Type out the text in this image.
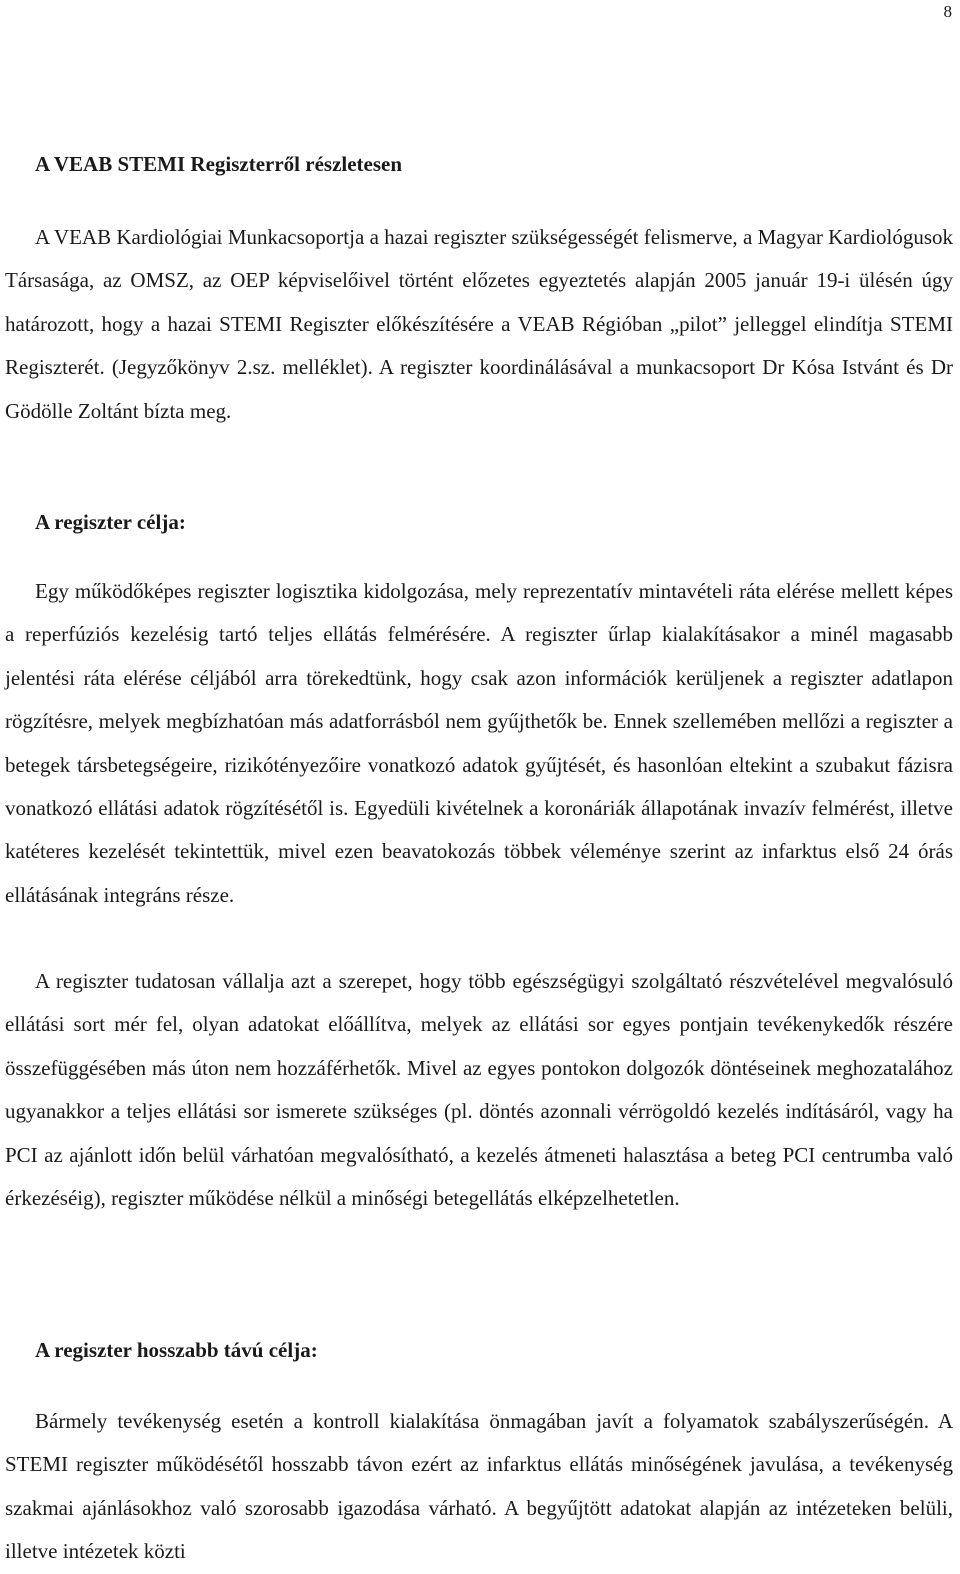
8
A VEAB STEMI Regiszterről részletesen

A VEAB Kardiológiai Munkacsoportja a hazai regiszter szükségességét felismerve, a Magyar Kardiológusok Társasága, az OMSZ, az OEP képviselőivel történt előzetes egyeztetés alapján 2005 január 19-i ülésén úgy határozott, hogy a hazai STEMI Regiszter előkészítésére a VEAB Régióban „pilot” jelleggel elindítja STEMI Regiszterét. (Jegyzőkönyv 2.sz. melléklet). A regiszter koordinálásával a munkacsoport Dr Kósa Istvánt és Dr Gödölle Zoltánt bízta meg.

A regiszter célja:

Egy működőképes regiszter logisztika kidolgozása, mely reprezentatív mintavételi ráta elérése mellett képes a reperfúziós kezelésig tartó teljes ellátás felmérésére. A regiszter űrlap kialakításakor a minél magasabb jelentési ráta elérése céljából arra törekedtünk, hogy csak azon információk kerüljenek a regiszter adatlapon rögzítésre, melyek megbízhatóan más adatforrásból nem gyűjthetők be. Ennek szellemében mellőzi a regiszter a betegek társbetegségeire, rizikótényezőire vonatkozó adatok gyűjtését, és hasonlóan eltekint a szubakut fázisra vonatkozó ellátási adatok rögzítésétől is. Egyedüli kivételnek a koronáriák állapotának invazív felmérést, illetve katéteres kezelését tekintettük, mivel ezen beavatokozás többek véleménye szerint az infarktus első 24 órás ellátásának integráns része.

A regiszter tudatosan vállalja azt a szerepet, hogy több egészségügyi szolgáltató részvételével megvalósuló ellátási sort mér fel, olyan adatokat előállítva, melyek az ellátási sor egyes pontjain tevékenykedők részére összefüggésében más úton nem hozzáférhetők. Mivel az egyes pontokon dolgozók döntéseinek meghozatalához ugyanakkor a teljes ellátási sor ismerete szükséges (pl. döntés azonnali vérrögoldó kezelés indításáról, vagy ha PCI az ajánlott időn belül várhatóan megvalósítható, a kezelés átmeneti halasztása a beteg PCI centrumba való érkezéséig), regiszter működése nélkül a minőségi betegellátás elképzelhetetlen.

A regiszter hosszabb távú célja:

Bármely tevékenység esetén a kontroll kialakítása önmagában javít a folyamatok szabályszerűségén. A STEMI regiszter működésétől hosszabb távon ezért az infarktus ellátás minőségének javulása, a tevékenység szakmai ajánlásokhoz való szorosabb igazodása várható. A begyűjtött adatokat alapján az intézeteken belüli, illetve intézetek közti
